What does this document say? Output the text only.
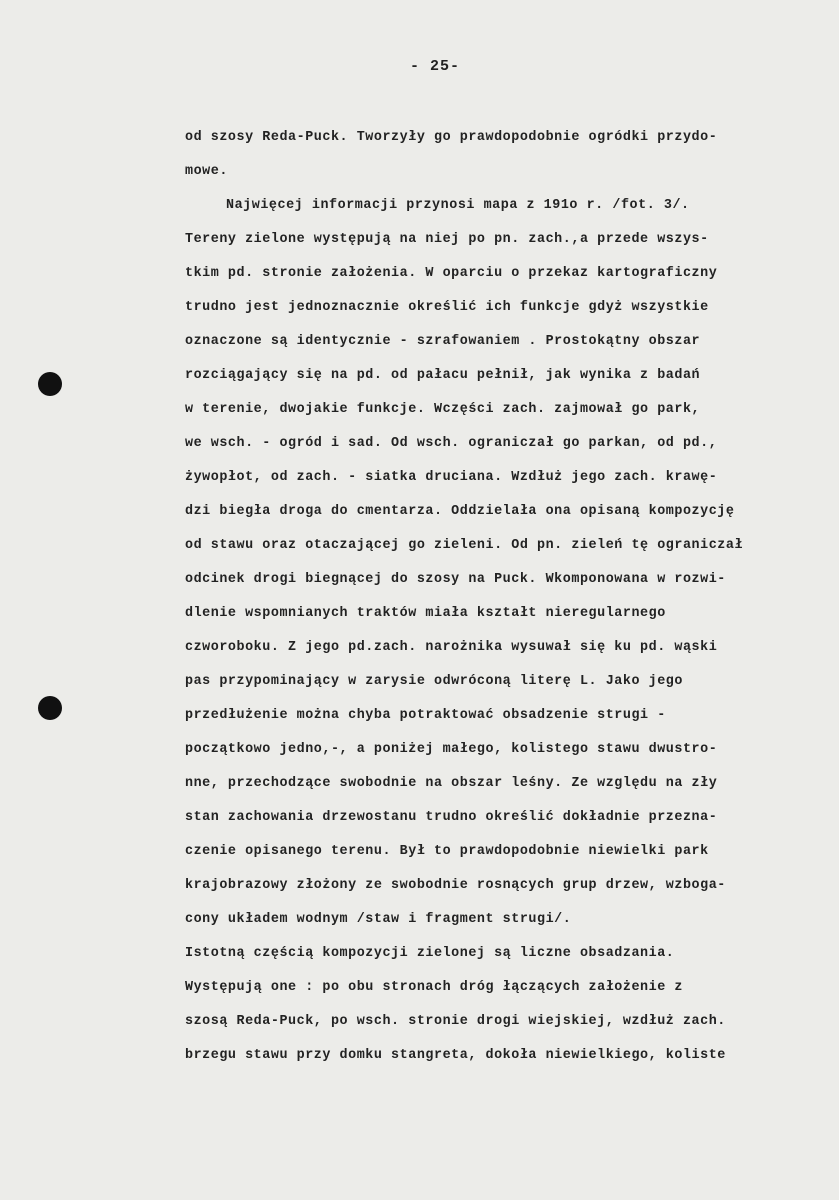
- 25-
od szosy Reda-Puck. Tworzyły go prawdopodobnie ogródki przydo-
mowe.
Najwięcej informacji przynosi mapa z 191o r. /fot. 3/.
Tereny zielone występują na niej po pn. zach.,a przede wszys-
tkim pd. stronie założenia. W oparciu o przekaz kartograficzny
trudno jest jednoznacznie określić ich funkcje gdyż wszystkie
oznaczone są identycznie - szrafowaniem . Prostokątny obszar
rozciągający się na pd. od pałacu pełnił, jak wynika z badań
w terenie, dwojakie funkcje. Wczęści zach. zajmował go park,
we wsch. - ogród i sad. Od wsch. ograniczał go parkan, od pd.,
żywopłot, od zach. - siatka druciana. Wzdłuż jego zach. krawę-
dzi biegła droga do cmentarza. Oddzielała ona opisaną kompozycję
od stawu oraz otaczającej go zieleni. Od pn. zieleń tę ograniczał
odcinek drogi biegnącej do szosy na Puck. Wkomponowana w rozwi-
dlenie wspomnianych traktów miała kształt nieregularnego
czworoboku. Z jego pd.zach. narożnika wysuwał się ku pd. wąski
pas przypominający w zarysie odwróconą literę L. Jako jego
przedłużenie można chyba potraktować obsadzenie strugi -
początkowo jedno,-, a poniżej małego, kolistego stawu dwustro-
nne, przechodzące swobodnie na obszar leśny. Ze względu na zły
stan zachowania drzewostanu trudno określić dokładnie przezna-
czenie opisanego terenu. Był to prawdopodobnie niewielki park
krajobrazowy złożony ze swobodnie rosnących grup drzew, wzboga-
cony układem wodnym /staw i fragment strugi/.
Istotną częścią kompozycji zielonej są liczne obsadzania.
Występują one : po obu stronach dróg łączących założenie z
szosą Reda-Puck, po wsch. stronie drogi wiejskiej, wzdłuż zach.
brzegu stawu przy domku stangreta, dokoła niewielkiego, koliste
